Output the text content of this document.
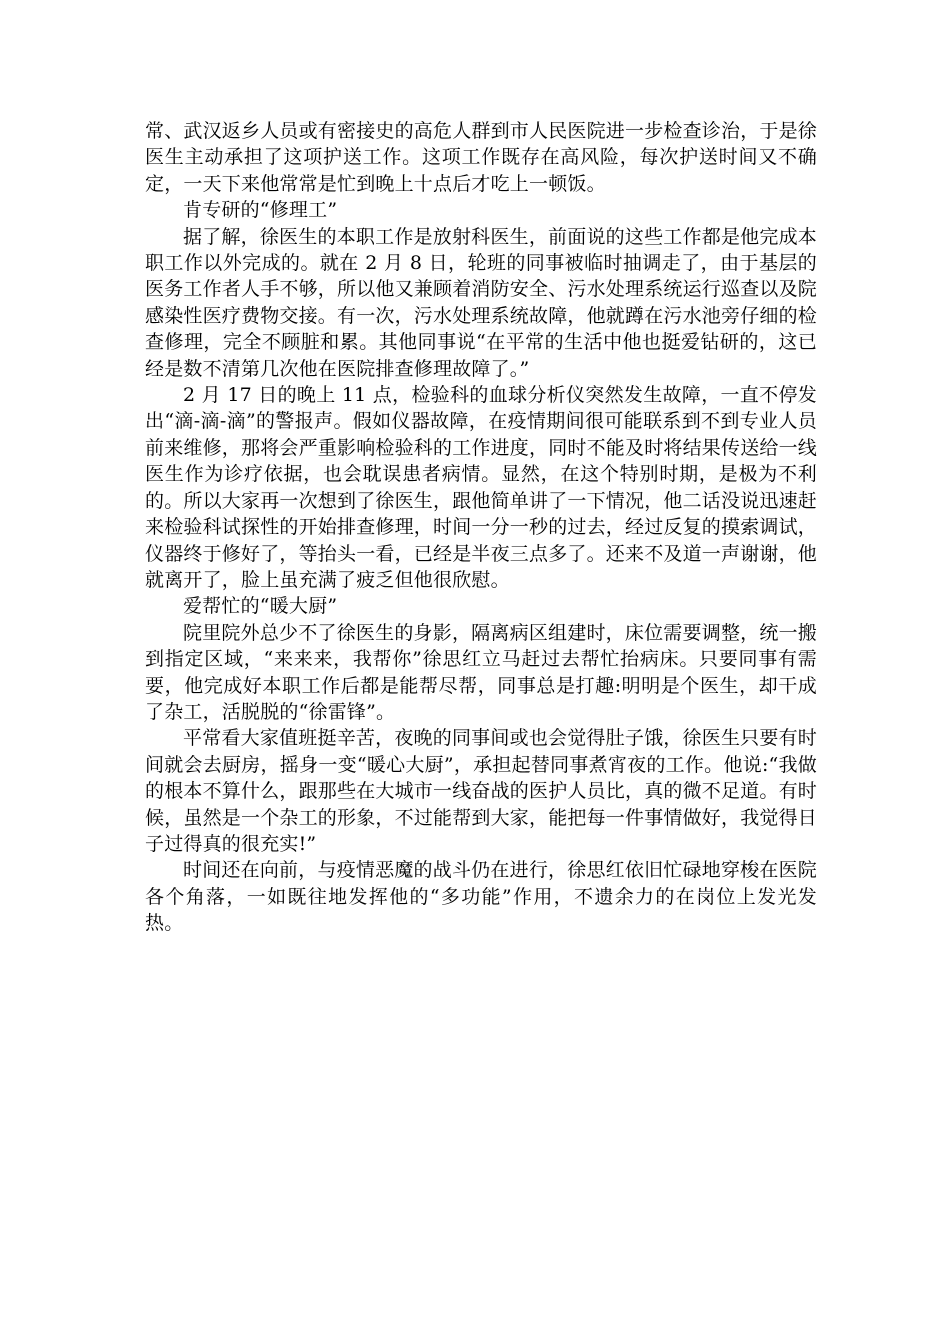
常、武汉返乡人员或有密接史的高危人群到市人民医院进一步检查诊治，于是徐医生主动承担了这项护送工作。这项工作既存在高风险，每次护送时间又不确定，一天下来他常常是忙到晚上十点后才吃上一顿饭。

肯专研的“修理工”

据了解，徐医生的本职工作是放射科医生，前面说的这些工作都是他完成本职工作以外完成的。就在 2 月 8 日，轮班的同事被临时抽调走了，由于基层的医务工作者人手不够，所以他又兼顾着消防安全、污水处理系统运行巡查以及院感染性医疗费物交接。有一次，污水处理系统故障，他就蹲在污水池旁仔细的检查修理，完全不顾脏和累。其他同事说“在平常的生活中他也挺爱钻研的，这已经是数不清第几次他在医院排查修理故障了。”

2 月 17 日的晚上 11 点，检验科的血球分析仪突然发生故障，一直不停发出“滴-滴-滴”的警报声。假如仪器故障，在疫情期间很可能联系到不到专业人员前来维修，那将会严重影响检验科的工作进度，同时不能及时将结果传送给一线医生作为诊疗依据，也会耽误患者病情。显然，在这个特别时期，是极为不利的。所以大家再一次想到了徐医生，跟他简单讲了一下情况，他二话没说迅速赶来检验科试探性的开始排查修理，时间一分一秒的过去，经过反复的摸索调试，仪器终于修好了，等抬头一看，已经是半夜三点多了。还来不及道一声谢谢，他就离开了，脸上虽充满了疲乏但他很欣慰。

爱帮忙的“暖大厨”

院里院外总少不了徐医生的身影，隔离病区组建时，床位需要调整，统一搬到指定区域，“来来来，我帮你”徐思红立马赶过去帮忙抬病床。只要同事有需要，他完成好本职工作后都是能帮尽帮，同事总是打趣:明明是个医生，却干成了杂工，活脱脱的“徐雷锋”。

平常看大家值班挺辛苦，夜晚的同事间或也会觉得肚子饿，徐医生只要有时间就会去厨房，摇身一变“暖心大厨”，承担起替同事煮宵夜的工作。他说:“我做的根本不算什么，跟那些在大城市一线奋战的医护人员比，真的微不足道。有时候，虽然是一个杂工的形象，不过能帮到大家，能把每一件事情做好，我觉得日子过得真的很充实!”

时间还在向前，与疫情恶魔的战斗仍在进行，徐思红依旧忙碌地穿梭在医院各个角落，一如既往地发挥他的“多功能”作用，不遗余力的在岗位上发光发热。
